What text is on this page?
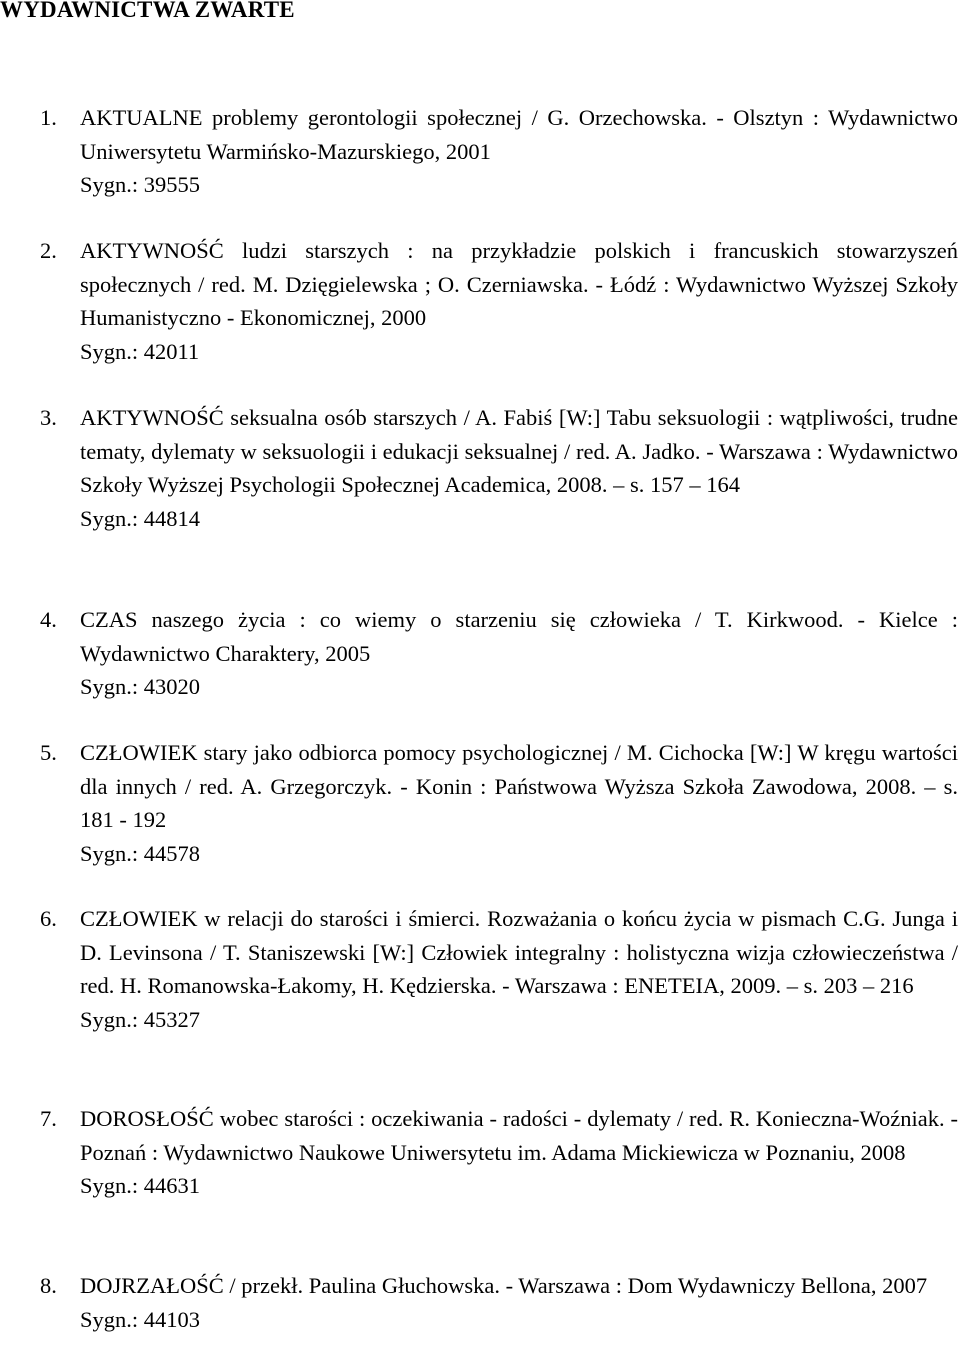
WYDAWNICTWA ZWARTE
1. AKTUALNE problemy gerontologii społecznej / G. Orzechowska. - Olsztyn : Wydawnictwo Uniwersytetu Warmińsko-Mazurskiego, 2001
Sygn.: 39555
2. AKTYWNOŚĆ ludzi starszych : na przykładzie polskich i francuskich stowarzyszeń społecznych / red. M. Dzięgielewska ; O. Czerniawska. - Łódź : Wydawnictwo Wyższej Szkoły Humanistyczno - Ekonomicznej, 2000
Sygn.: 42011
3. AKTYWNOŚĆ seksualna osób starszych / A. Fabiś [W:] Tabu seksuologii : wątpliwości, trudne tematy, dylematy w seksuologii i edukacji seksualnej / red. A. Jadko. - Warszawa : Wydawnictwo Szkoły Wyższej Psychologii Społecznej Academica, 2008. – s. 157 – 164
Sygn.: 44814
4. CZAS naszego życia : co wiemy o starzeniu się człowieka / T. Kirkwood. - Kielce : Wydawnictwo Charaktery, 2005
Sygn.: 43020
5. CZŁOWIEK stary jako odbiorca pomocy psychologicznej / M. Cichocka [W:] W kręgu wartości dla innych / red. A. Grzegorczyk. - Konin : Państwowa Wyższa Szkoła Zawodowa, 2008. – s. 181 - 192
Sygn.: 44578
6. CZŁOWIEK w relacji do starości i śmierci. Rozważania o końcu życia w pismach C.G. Junga i D. Levinsona / T. Staniszewski [W:] Człowiek integralny : holistyczna wizja człowieczeństwa / red. H. Romanowska-Łakomy, H. Kędzierska. - Warszawa : ENETEIA, 2009. – s. 203 – 216
Sygn.: 45327
7. DOROSŁOŚĆ wobec starości : oczekiwania - radości - dylematy / red. R. Konieczna-Woźniak. - Poznań : Wydawnictwo Naukowe Uniwersytetu im. Adama Mickiewicza w Poznaniu, 2008
Sygn.: 44631
8. DOJRZAŁOŚĆ / przekł. Paulina Głuchowska. - Warszawa : Dom Wydawniczy Bellona, 2007
Sygn.: 44103
